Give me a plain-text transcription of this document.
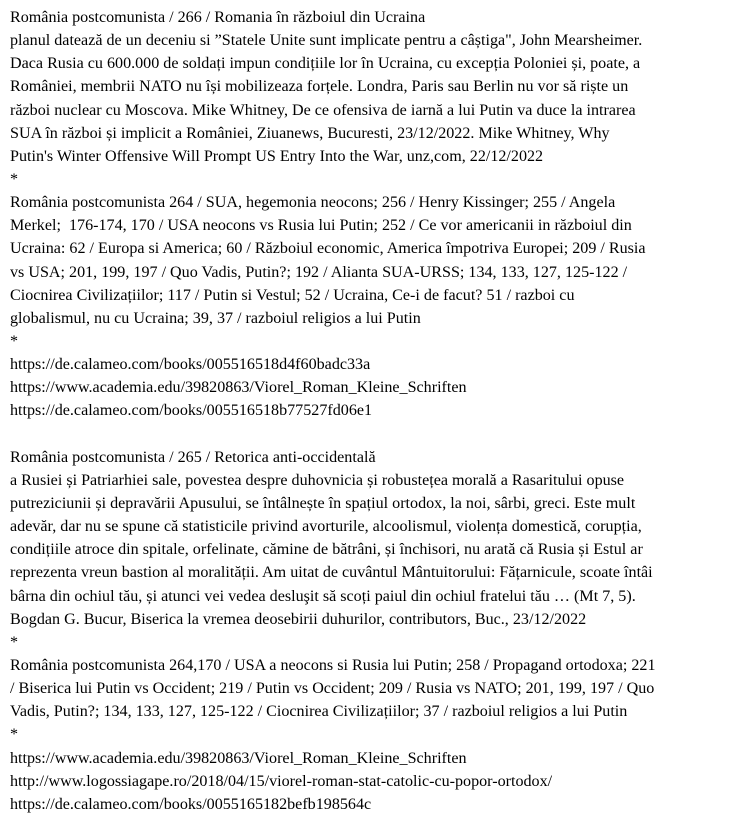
România postcomunista / 266 / Romania în războiul din Ucraina
planul datează de un deceniu si ”Statele Unite sunt implicate pentru a câștiga", John Mearsheimer.
Daca Rusia cu 600.000 de soldați impun condițiile lor în Ucraina, cu excepția Poloniei și, poate, a
României, membrii NATO nu își mobilizeaza forțele. Londra, Paris sau Berlin nu vor să riște un
război nuclear cu Moscova. Mike Whitney, De ce ofensiva de iarnă a lui Putin va duce la intrarea
SUA în război și implicit a României, Ziuanews, Bucuresti, 23/12/2022. Mike Whitney, Why
Putin's Winter Offensive Will Prompt US Entry Into the War, unz,com, 22/12/2022
*
România postcomunista 264 / SUA, hegemonia neocons; 256 / Henry Kissinger; 255 / Angela
Merkel;  176-174, 170 / USA neocons vs Rusia lui Putin; 252 / Ce vor americanii in războiul din
Ucraina: 62 / Europa si America; 60 / Războiul economic, America împotriva Europei; 209 / Rusia
vs USA; 201, 199, 197 / Quo Vadis, Putin?; 192 / Alianta SUA-URSS; 134, 133, 127, 125-122 /
Ciocnirea Civilizațiilor; 117 / Putin si Vestul; 52 / Ucraina, Ce-i de facut? 51 / razboi cu
globalismul, nu cu Ucraina; 39, 37 / razboiul religios a lui Putin
*
https://de.calameo.com/books/005516518d4f60badc33a
https://www.academia.edu/39820863/Viorel_Roman_Kleine_Schriften
https://de.calameo.com/books/005516518b77527fd06e1
România postcomunista / 265 / Retorica anti-occidentală
a Rusiei și Patriarhiei sale, povestea despre duhovnicia și robustețea morală a Rasaritului opuse
putreziciunii și depravării Apusului, se întâlnește în spațiul ortodox, la noi, sârbi, greci. Este mult
adevăr, dar nu se spune că statisticile privind avorturile, alcoolismul, violența domestică, corupția,
condițiile atroce din spitale, orfelinate, cămine de bătrâni, și închisori, nu arată că Rusia și Estul ar
reprezenta vreun bastion al moralității. Am uitat de cuvântul Mântuitorului: Fățarnicule, scoate întâi
bârna din ochiul tău, și atunci vei vedea desluşit să scoți paiul din ochiul fratelui tău … (Mt 7, 5).
Bogdan G. Bucur, Biserica la vremea deosebirii duhurilor, contributors, Buc., 23/12/2022
*
România postcomunista 264,170 / USA a neocons si Rusia lui Putin; 258 / Propagand ortodoxa; 221
/ Biserica lui Putin vs Occident; 219 / Putin vs Occident; 209 / Rusia vs NATO; 201, 199, 197 / Quo
Vadis, Putin?; 134, 133, 127, 125-122 / Ciocnirea Civilizațiilor; 37 / razboiul religios a lui Putin
*
https://www.academia.edu/39820863/Viorel_Roman_Kleine_Schriften
http://www.logossiagape.ro/2018/04/15/viorel-roman-stat-catolic-cu-popor-ortodox/
https://de.calameo.com/books/0055165182befb198564c
